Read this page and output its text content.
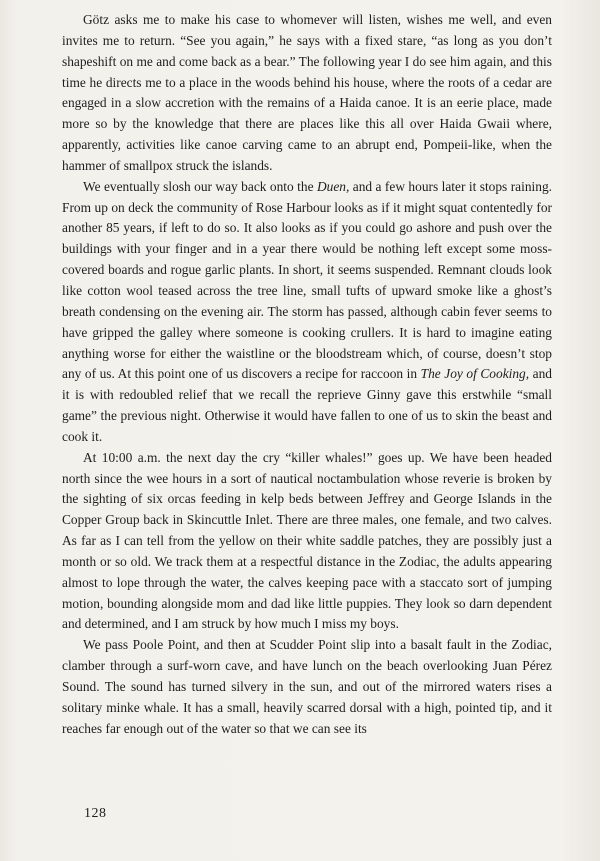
Götz asks me to make his case to whomever will listen, wishes me well, and even invites me to return. “See you again,” he says with a fixed stare, “as long as you don’t shapeshift on me and come back as a bear.” The following year I do see him again, and this time he directs me to a place in the woods behind his house, where the roots of a cedar are engaged in a slow accretion with the remains of a Haida canoe. It is an eerie place, made more so by the knowledge that there are places like this all over Haida Gwaii where, apparently, activities like canoe carving came to an abrupt end, Pompeii-like, when the hammer of smallpox struck the islands.

We eventually slosh our way back onto the Duen, and a few hours later it stops raining. From up on deck the community of Rose Harbour looks as if it might squat contentedly for another 85 years, if left to do so. It also looks as if you could go ashore and push over the buildings with your finger and in a year there would be nothing left except some moss-covered boards and rogue garlic plants. In short, it seems suspended. Remnant clouds look like cotton wool teased across the tree line, small tufts of upward smoke like a ghost’s breath condensing on the evening air. The storm has passed, although cabin fever seems to have gripped the galley where someone is cooking crullers. It is hard to imagine eating anything worse for either the waistline or the bloodstream which, of course, doesn’t stop any of us. At this point one of us discovers a recipe for raccoon in The Joy of Cooking, and it is with redoubled relief that we recall the reprieve Ginny gave this erstwhile “small game” the previous night. Otherwise it would have fallen to one of us to skin the beast and cook it.

At 10:00 a.m. the next day the cry “killer whales!” goes up. We have been headed north since the wee hours in a sort of nautical noctambulation whose reverie is broken by the sighting of six orcas feeding in kelp beds between Jeffrey and George Islands in the Copper Group back in Skincuttle Inlet. There are three males, one female, and two calves. As far as I can tell from the yellow on their white saddle patches, they are possibly just a month or so old. We track them at a respectful distance in the Zodiac, the adults appearing almost to lope through the water, the calves keeping pace with a staccato sort of jumping motion, bounding alongside mom and dad like little puppies. They look so darn dependent and determined, and I am struck by how much I miss my boys.

We pass Poole Point, and then at Scudder Point slip into a basalt fault in the Zodiac, clamber through a surf-worn cave, and have lunch on the beach overlooking Juan Pérez Sound. The sound has turned silvery in the sun, and out of the mirrored waters rises a solitary minke whale. It has a small, heavily scarred dorsal with a high, pointed tip, and it reaches far enough out of the water so that we can see its

128
